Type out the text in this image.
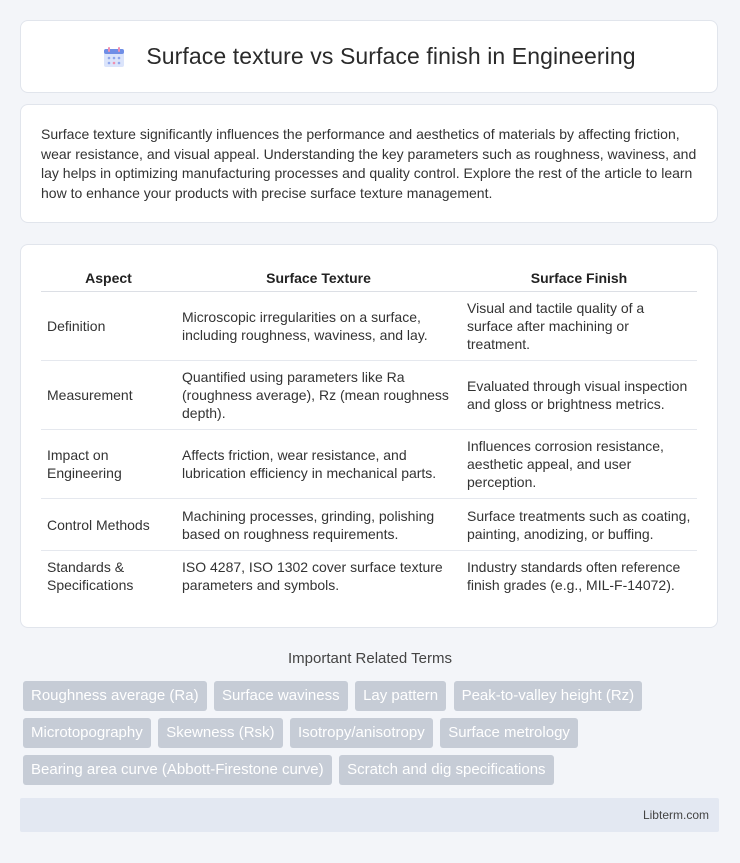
Surface texture vs Surface finish in Engineering

Surface texture significantly influences the performance and aesthetics of materials by affecting friction, wear resistance, and visual appeal. Understanding the key parameters such as roughness, waviness, and lay helps in optimizing manufacturing processes and quality control. Explore the rest of the article to learn how to enhance your products with precise surface texture management.

Aspect	Surface Texture	Surface Finish
Definition	Microscopic irregularities on a surface, including roughness, waviness, and lay.	Visual and tactile quality of a surface after machining or treatment.
Measurement	Quantified using parameters like Ra (roughness average), Rz (mean roughness depth).	Evaluated through visual inspection and gloss or brightness metrics.
Impact on Engineering	Affects friction, wear resistance, and lubrication efficiency in mechanical parts.	Influences corrosion resistance, aesthetic appeal, and user perception.
Control Methods	Machining processes, grinding, polishing based on roughness requirements.	Surface treatments such as coating, painting, anodizing, or buffing.
Standards & Specifications	ISO 4287, ISO 1302 cover surface texture parameters and symbols.	Industry standards often reference finish grades (e.g., MIL-F-14072).
Important Related Terms
Roughness average (Ra) Surface waviness Lay pattern Peak-to-valley height (Rz) Microtopography Skewness (Rsk) Isotropy/anisotropy Surface metrology Bearing area curve (Abbott-Firestone curve) Scratch and dig specifications
Libterm.com
